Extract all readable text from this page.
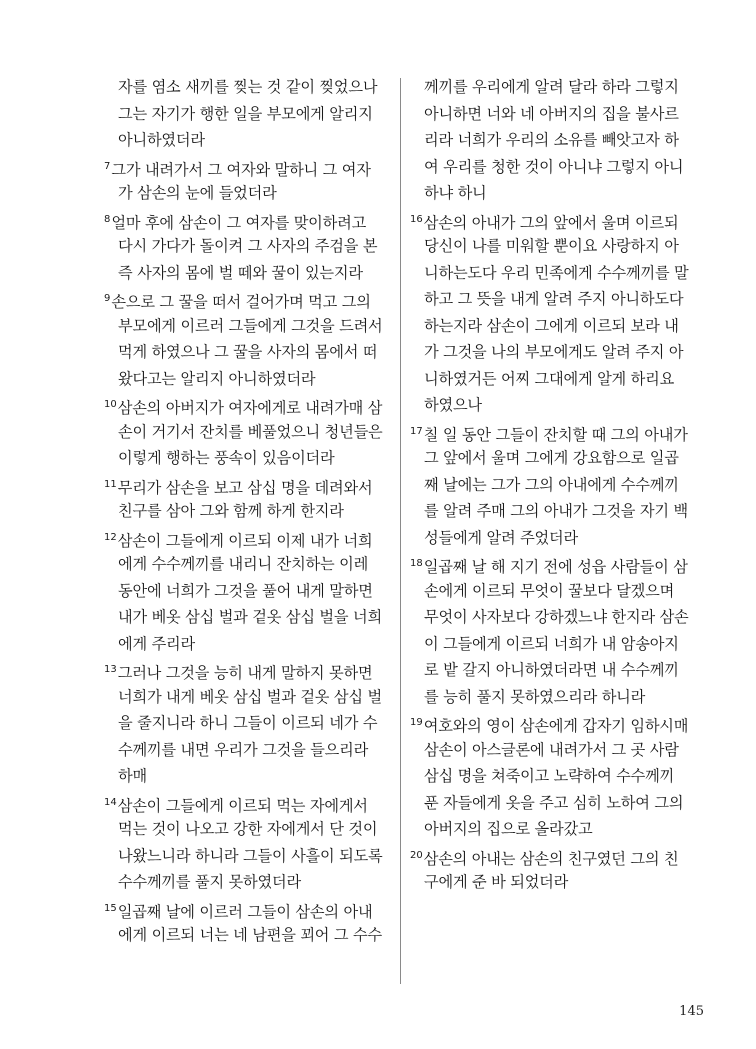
자를 염소 새끼를 찢는 것 같이 찢었으나
그는 자기가 행한 일을 부모에게 알리지
아니하였더라
$^7$그가 내려가서 그 여자와 말하니 그 여자
가 삼손의 눈에 들었더라
$^8$얼마 후에 삼손이 그 여자를 맞이하려고
다시 가다가 돌이켜 그 사자의 주검을 본
즉 사자의 몸에 벌 떼와 꿀이 있는지라
$^9$손으로 그 꿀을 떠서 걸어가며 먹고 그의
부모에게 이르러 그들에게 그것을 드려서
먹게 하였으나 그 꿀을 사자의 몸에서 떠
왔다고는 알리지 아니하였더라
$^{10}$삼손의 아버지가 여자에게로 내려가매 삼
손이 거기서 잔치를 베풀었으니 청년들은
이렇게 행하는 풍속이 있음이더라
$^{11}$무리가 삼손을 보고 삼십 명을 데려와서
친구를 삼아 그와 함께 하게 한지라
$^{12}$삼손이 그들에게 이르되 이제 내가 너희
에게 수수께끼를 내리니 잔치하는 이레
동안에 너희가 그것을 풀어 내게 말하면
내가 베옷 삼십 벌과 겉옷 삼십 벌을 너희
에게 주리라
$^{13}$그러나 그것을 능히 내게 말하지 못하면
너희가 내게 베옷 삼십 벌과 겉옷 삼십 벌
을 줄지니라 하니 그들이 이르되 네가 수
수께끼를 내면 우리가 그것을 들으리라
하매
$^{14}$삼손이 그들에게 이르되 먹는 자에게서
먹는 것이 나오고 강한 자에게서 단 것이
나왔느니라 하니라 그들이 사흘이 되도록
수수께끼를 풀지 못하였더라
$^{15}$일곱째 날에 이르러 그들이 삼손의 아내
에게 이르되 너는 네 남편을 꾀어 그 수수
께끼를 우리에게 알려 달라 하라 그렇지
아니하면 너와 네 아버지의 집을 불사르
리라 너희가 우리의 소유를 빼앗고자 하
여 우리를 청한 것이 아니냐 그렇지 아니
하냐 하니
$^{16}$삼손의 아내가 그의 앞에서 울며 이르되
당신이 나를 미워할 뿐이요 사랑하지 아
니하는도다 우리 민족에게 수수께끼를 말
하고 그 뜻을 내게 알려 주지 아니하도다
하는지라 삼손이 그에게 이르되 보라 내
가 그것을 나의 부모에게도 알려 주지 아
니하였거든 어찌 그대에게 알게 하리요
하였으나
$^{17}$칠 일 동안 그들이 잔치할 때 그의 아내가
그 앞에서 울며 그에게 강요함으로 일곱
째 날에는 그가 그의 아내에게 수수께끼
를 알려 주매 그의 아내가 그것을 자기 백
성들에게 알려 주었더라
$^{18}$일곱째 날 해 지기 전에 성읍 사람들이 삼
손에게 이르되 무엇이 꿀보다 달겠으며
무엇이 사자보다 강하겠느냐 한지라 삼손
이 그들에게 이르되 너희가 내 암송아지
로 밭 갈지 아니하였더라면 내 수수께끼
를 능히 풀지 못하였으리라 하니라
$^{19}$여호와의 영이 삼손에게 갑자기 임하시매
삼손이 아스글론에 내려가서 그 곳 사람
삼십 명을 쳐죽이고 노략하여 수수께끼
푼 자들에게 옷을 주고 심히 노하여 그의
아버지의 집으로 올라갔고
$^{20}$삼손의 아내는 삼손의 친구였던 그의 친
구에게 준 바 되었더라
145
